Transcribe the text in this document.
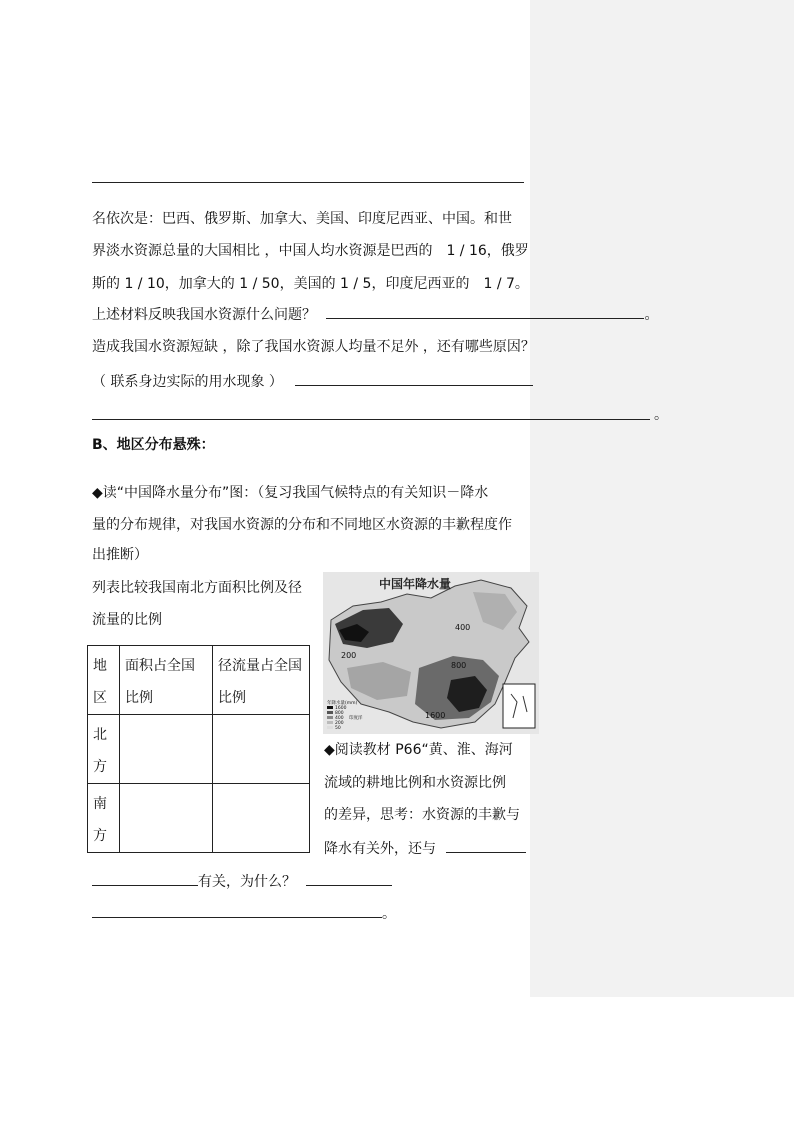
名依次是：巴西、俄罗斯、加拿大、美国、印度尼西亚、中国。和世
界淡水资源总量的大国相比 ，中国人均水资源是巴西的　1 / 16，俄罗
斯的 1 / 10，加拿大的 1 / 50，美国的 1 / 5，印度尼西亚的　1 / 7。
上述材料反映我国水资源什么问题？	。
造成我国水资源短缺 ，除了我国水资源人均量不足外 ，还有哪些原因？
（ 联系身边实际的用水现象 ）
。
B、地区分布悬殊：
◆读“中国降水量分布”图：（复习我国气候特点的有关知识－降水
量的分布规律，对我国水资源的分布和不同地区水资源的丰歉程度作
出推断）
列表比较我国南北方面积比例及径
流量的比例
地区	面积占全国比例	径流量占全国比例
北方		
南方		
中国年降水量
400
200
800
1600
年降水量(mm)
1600
800
400
200
50
印度洋
◆阅读教材 P66“黄、淮、海河
流域的耕地比例和水资源比例
的差异，思考：水资源的丰歉与
降水有关外，还与
有关，为什么？
。
